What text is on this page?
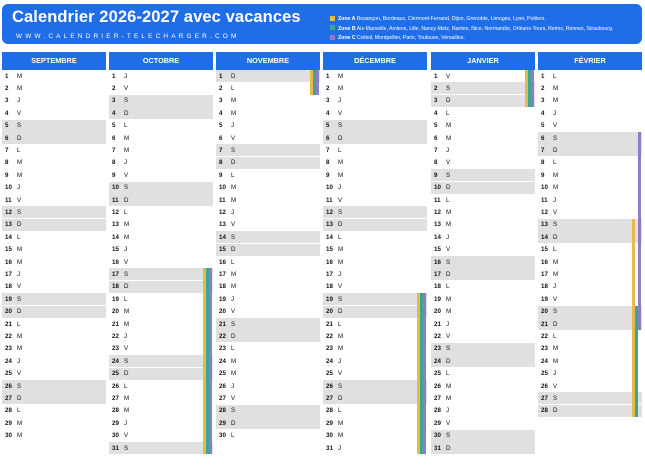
Calendrier 2026-2027 avec vacances
WWW.CALENDRIER-TELECHARGER.COM
Zone A Besançon, Bordeaux, Clermont-Ferrand, Dijon, Grenoble, Limoges, Lyon, Poitiers.
Zone B Aix-Marseille, Amiens, Lille, Nancy-Metz, Nantes, Nice, Normandie, Orléans-Tours, Reims, Rennes, Strasbourg.
Zone C Créteil, Montpellier, Paris, Toulouse, Versailles.
SEPTEMBRE
1 M
2 M
3 J
4 V
5 S
6 D
7 L
8 M
9 M
10 J
11 V
12 S
13 D
14 L
15 M
16 M
17 J
18 V
19 S
20 D
21 L
22 M
23 M
24 J
25 V
26 S
27 D
28 L
29 M
30 M
OCTOBRE
1 J
2 V
3 S
4 D
5 L
6 M
7 M
8 J
9 V
10 S
11 D
12 L
13 M
14 M
15 J
16 V
17 S
18 D
19 L
20 M
21 M
22 J
23 V
24 S
25 D
26 L
27 M
28 M
29 J
30 V
31 S
NOVEMBRE
1 D
2 L
3 M
4 M
5 J
6 V
7 S
8 D
9 L
10 M
11 M
12 J
13 V
14 S
15 D
16 L
17 M
18 M
19 J
20 V
21 S
22 D
23 L
24 M
25 M
26 J
27 V
28 S
29 D
30 L
DÉCEMBRE
1 M
2 M
3 J
4 V
5 S
6 D
7 L
8 M
9 M
10 J
11 V
12 S
13 D
14 L
15 M
16 M
17 J
18 V
19 S
20 D
21 L
22 M
23 M
24 J
25 V
26 S
27 D
28 L
29 M
30 M
31 J
JANVIER
1 V
2 S
3 D
4 L
5 M
6 M
7 J
8 V
9 S
10 D
11 L
12 M
13 M
14 J
15 V
16 S
17 D
18 L
19 M
20 M
21 J
22 V
23 S
24 D
25 L
26 M
27 M
28 J
29 V
30 S
31 D
FÉVRIER
1 L
2 M
3 M
4 J
5 V
6 S
7 D
8 L
9 M
10 M
11 J
12 V
13 S
14 D
15 L
16 M
17 M
18 J
19 V
20 S
21 D
22 L
23 M
24 M
25 J
26 V
27 S
28 D
